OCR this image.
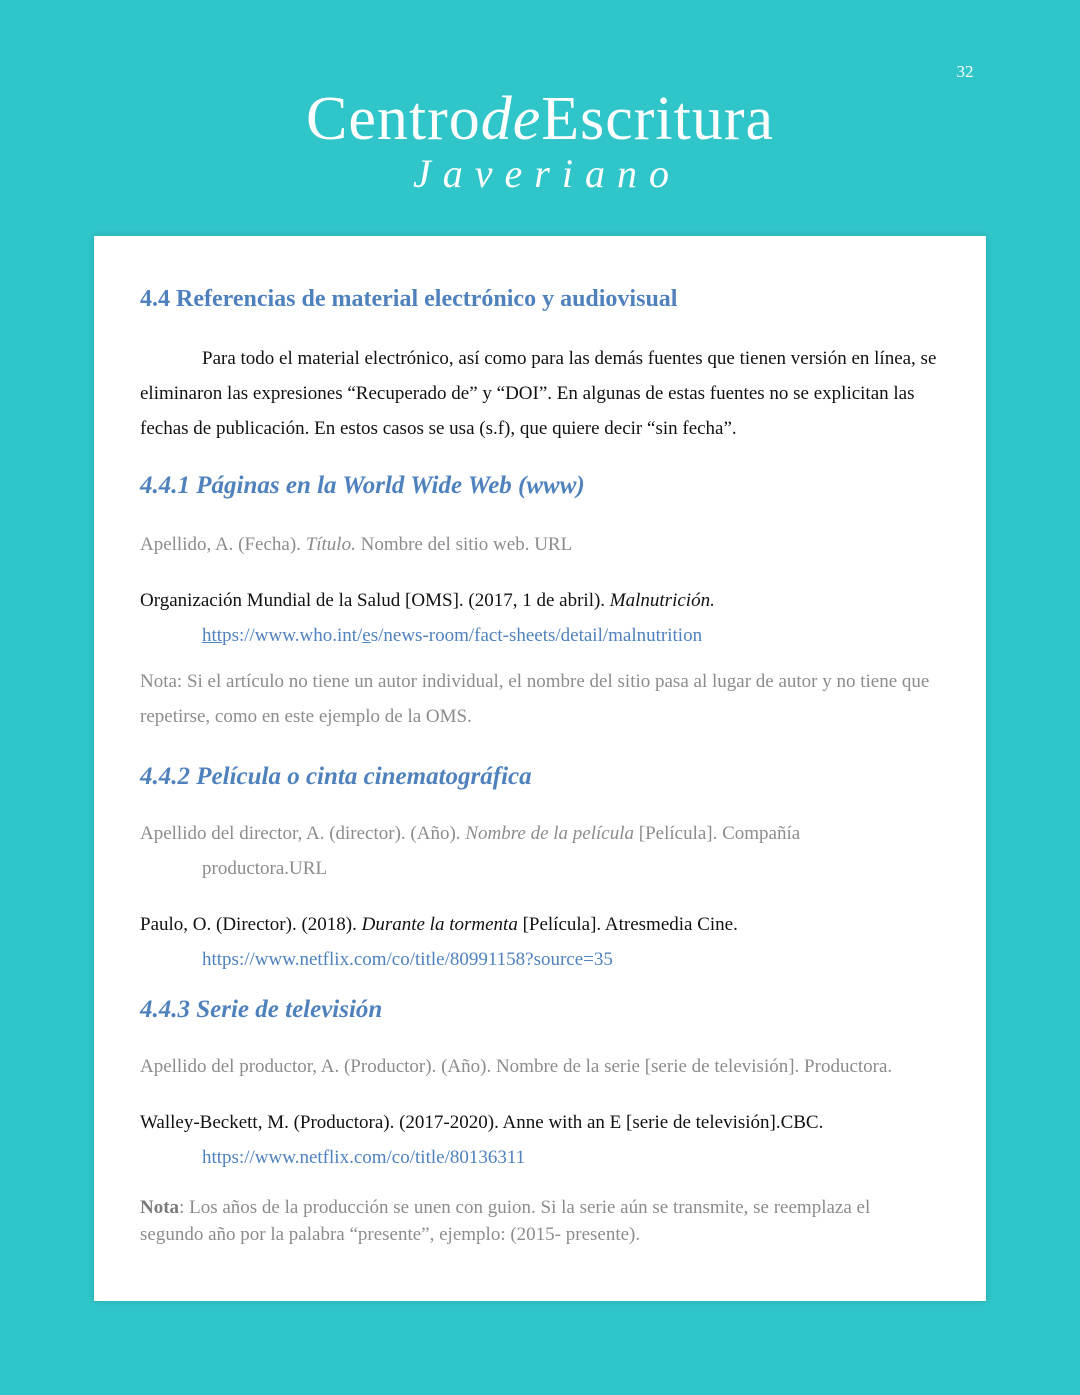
32
CentrodeEscritura
Javeriano
4.4 Referencias de material electrónico y audiovisual

Para todo el material electrónico, así como para las demás fuentes que tienen versión en línea, se eliminaron las expresiones “Recuperado de” y “DOI”. En algunas de estas fuentes no se explicitan las fechas de publicación. En estos casos se usa (s.f), que quiere decir “sin fecha”.

4.4.1 Páginas en la World Wide Web (www)

Apellido, A. (Fecha). Título. Nombre del sitio web. URL

Organización Mundial de la Salud [OMS]. (2017, 1 de abril). Malnutrición.
https://www.who.int/es/news-room/fact-sheets/detail/malnutrition

Nota: Si el artículo no tiene un autor individual, el nombre del sitio pasa al lugar de autor y no tiene que repetirse, como en este ejemplo de la OMS.

4.4.2 Película o cinta cinematográfica
Apellido del director, A. (director). (Año). Nombre de la película [Película]. Compañía
productora.URL
Paulo, O. (Director). (2018). Durante la tormenta [Película]. Atresmedia Cine.
https://www.netflix.com/co/title/80991158?source=35
4.4.3 Serie de televisión

Apellido del productor, A. (Productor). (Año). Nombre de la serie [serie de televisión]. Productora.

Walley-Beckett, M. (Productora). (2017-2020). Anne with an E [serie de televisión].CBC.
https://www.netflix.com/co/title/80136311

Nota: Los años de la producción se unen con guion. Si la serie aún se transmite, se reemplaza el segundo año por la palabra “presente”, ejemplo: (2015- presente).
